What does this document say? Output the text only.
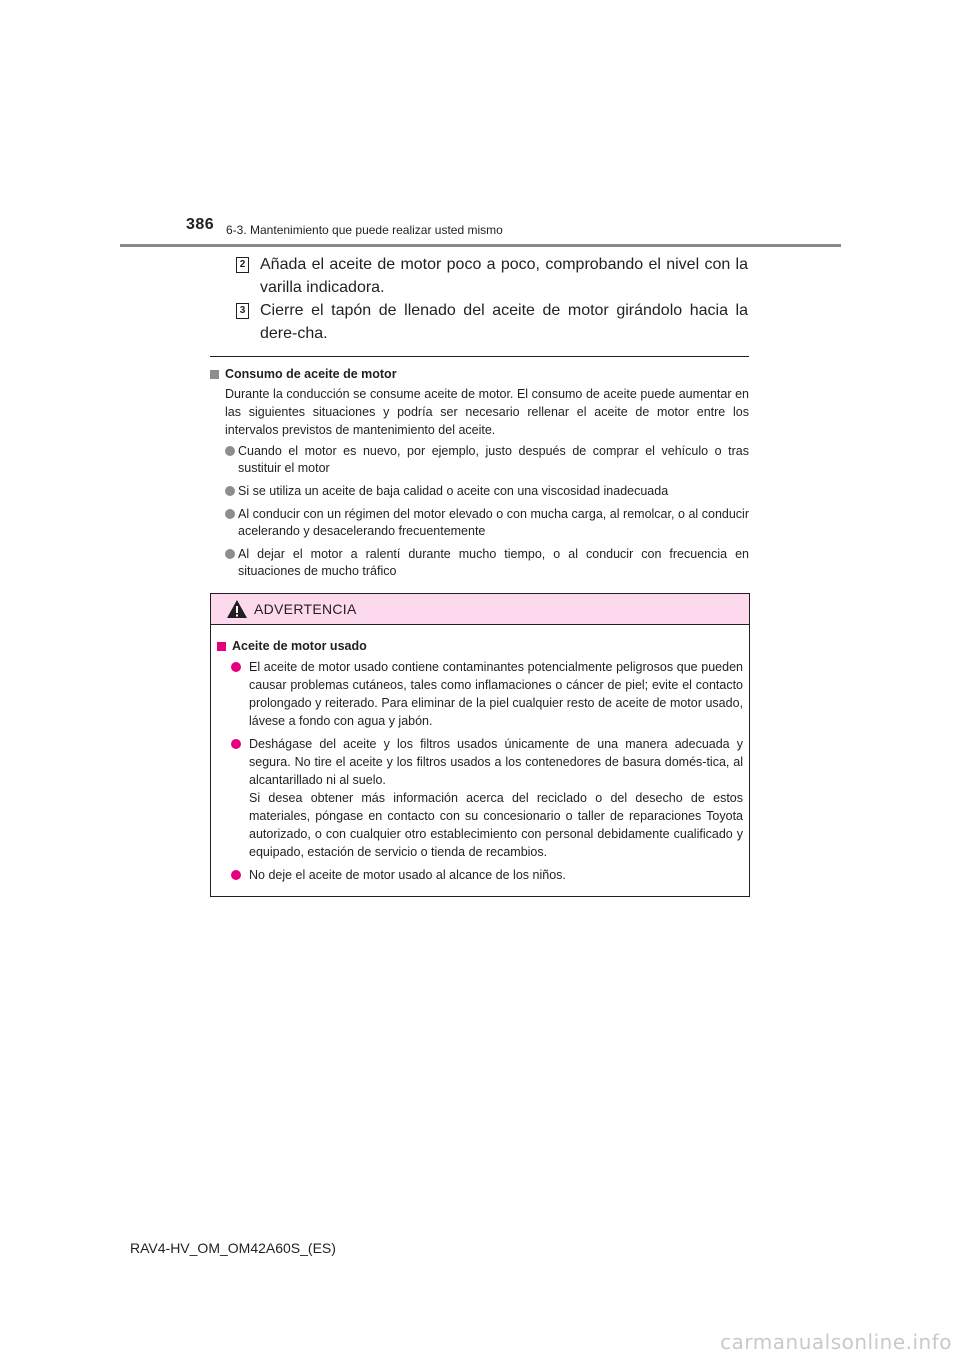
386 6-3. Mantenimiento que puede realizar usted mismo
2 Añada el aceite de motor poco a poco, comprobando el nivel con la varilla indicadora.
3 Cierre el tapón de llenado del aceite de motor girándolo hacia la dere-cha.
Consumo de aceite de motor
Durante la conducción se consume aceite de motor. El consumo de aceite puede aumentar en las siguientes situaciones y podría ser necesario rellenar el aceite de motor entre los intervalos previstos de mantenimiento del aceite.
Cuando el motor es nuevo, por ejemplo, justo después de comprar el vehículo o tras sustituir el motor
Si se utiliza un aceite de baja calidad o aceite con una viscosidad inadecuada
Al conducir con un régimen del motor elevado o con mucha carga, al remolcar, o al conducir acelerando y desacelerando frecuentemente
Al dejar el motor a ralentí durante mucho tiempo, o al conducir con frecuencia en situaciones de mucho tráfico
ADVERTENCIA
Aceite de motor usado
El aceite de motor usado contiene contaminantes potencialmente peligrosos que pueden causar problemas cutáneos, tales como inflamaciones o cáncer de piel; evite el contacto prolongado y reiterado. Para eliminar de la piel cualquier resto de aceite de motor usado, lávese a fondo con agua y jabón.
Deshágase del aceite y los filtros usados únicamente de una manera adecuada y segura. No tire el aceite y los filtros usados a los contenedores de basura domés-tica, al alcantarillado ni al suelo.
Si desea obtener más información acerca del reciclado o del desecho de estos materiales, póngase en contacto con su concesionario o taller de reparaciones Toyota autorizado, o con cualquier otro establecimiento con personal debidamente cualificado y equipado, estación de servicio o tienda de recambios.
No deje el aceite de motor usado al alcance de los niños.
RAV4-HV_OM_OM42A60S_(ES)
carmanualsonline.info
